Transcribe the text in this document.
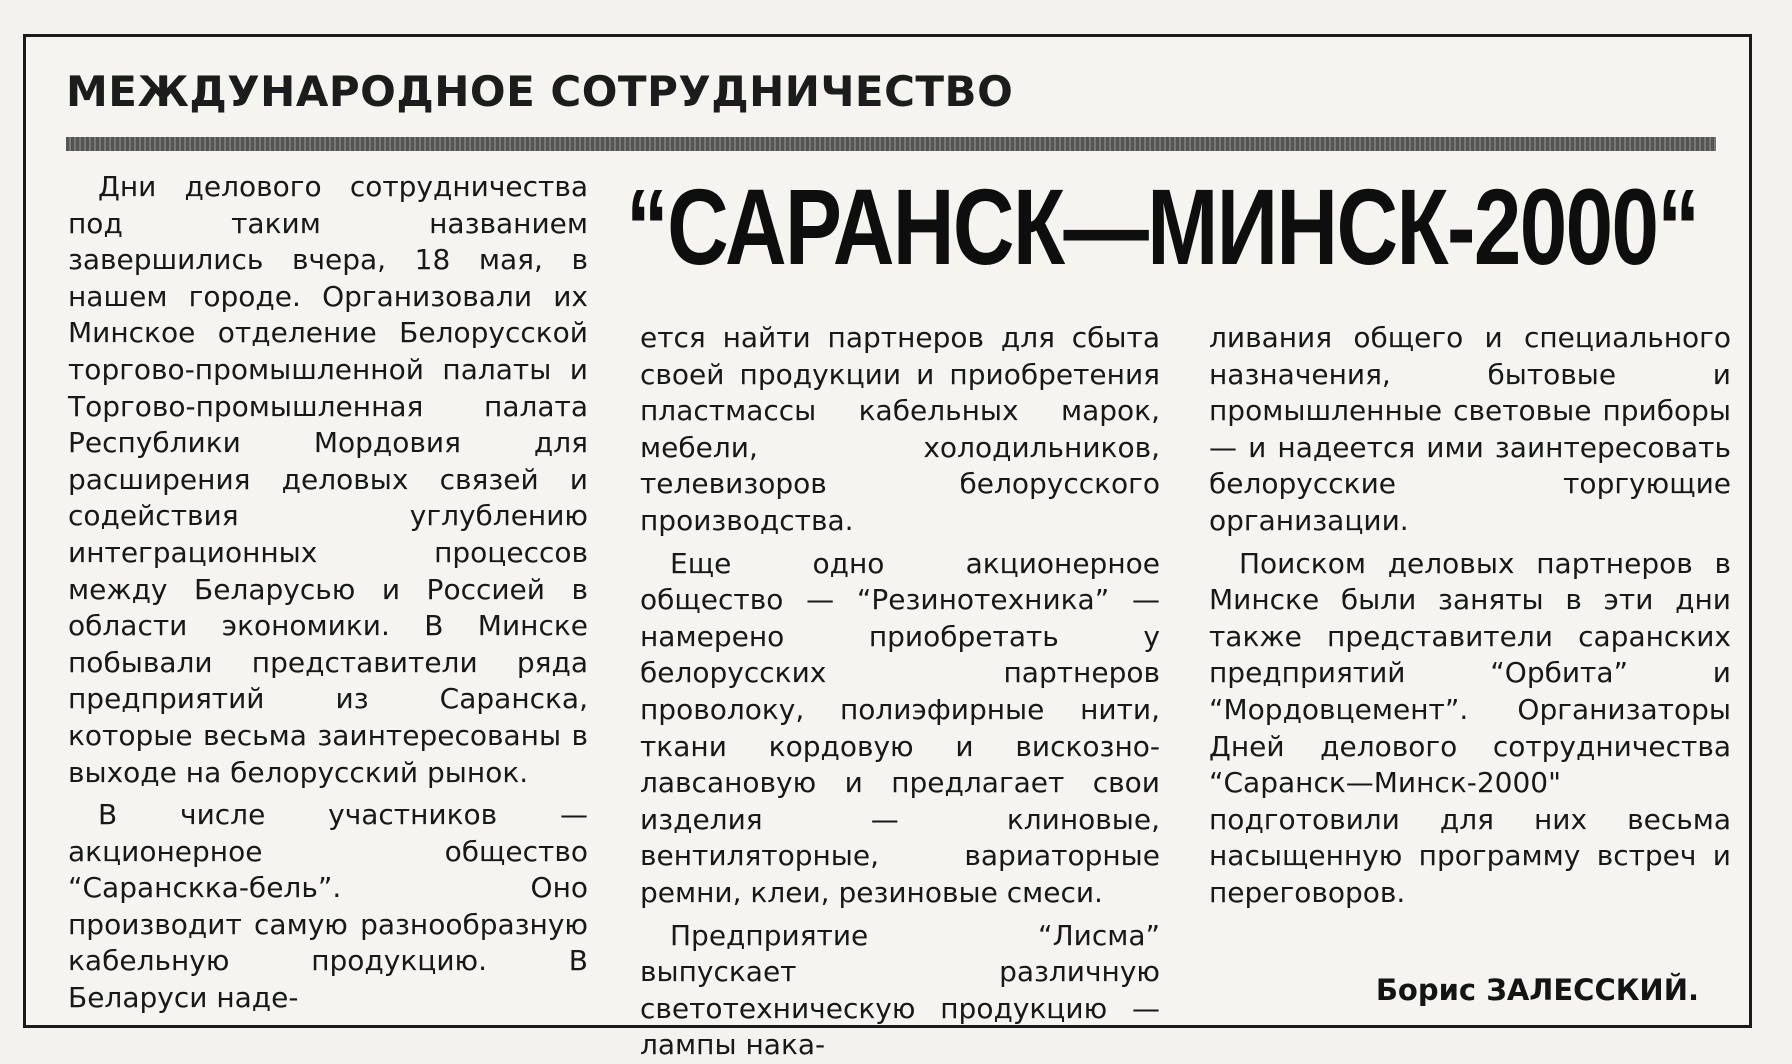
МЕЖДУНАРОДНОЕ СОТРУДНИЧЕСТВО
“САРАНСК—МИНСК-2000“

Дни делового сотрудничества под таким названием завершились вчера, 18 мая, в нашем городе. Организовали их Минское отделение Белорусской торгово-промышленной палаты и Торгово-промышленная палата Республики Мордовия для расширения деловых связей и содействия углублению интеграционных процессов между Беларусью и Россией в области экономики. В Минске побывали представители ряда предприятий из Саранска, которые весьма заинтересованы в выходе на белорусский рынок.

В числе участников — акционерное общество “Саранскка-бель”. Оно производит самую разнообразную кабельную продукцию. В Беларуси наде-

ется найти партнеров для сбыта своей продукции и приобретения пластмассы кабельных марок, мебели, холодильников, телевизоров белорусского производства.

Еще одно акционерное общество — “Резинотехника” — намерено приобретать у белорусских партнеров проволоку, полиэфирные нити, ткани кордовую и вискозно-лавсановую и предлагает свои изделия — клиновые, вентиляторные, вариаторные ремни, клеи, резиновые смеси.

Предприятие “Лисма” выпускает различную светотехническую продукцию — лампы нака-

ливания общего и специального назначения, бытовые и промышленные световые приборы — и надеется ими заинтересовать белорусские торгующие организации.

Поиском деловых партнеров в Минске были заняты в эти дни также представители саранских предприятий “Орбита” и “Мордовцемент”. Организаторы Дней делового сотрудничества “Саранск—Минск-2000" подготовили для них весьма насыщенную программу встреч и переговоров.

Борис ЗАЛЕССКИЙ.
